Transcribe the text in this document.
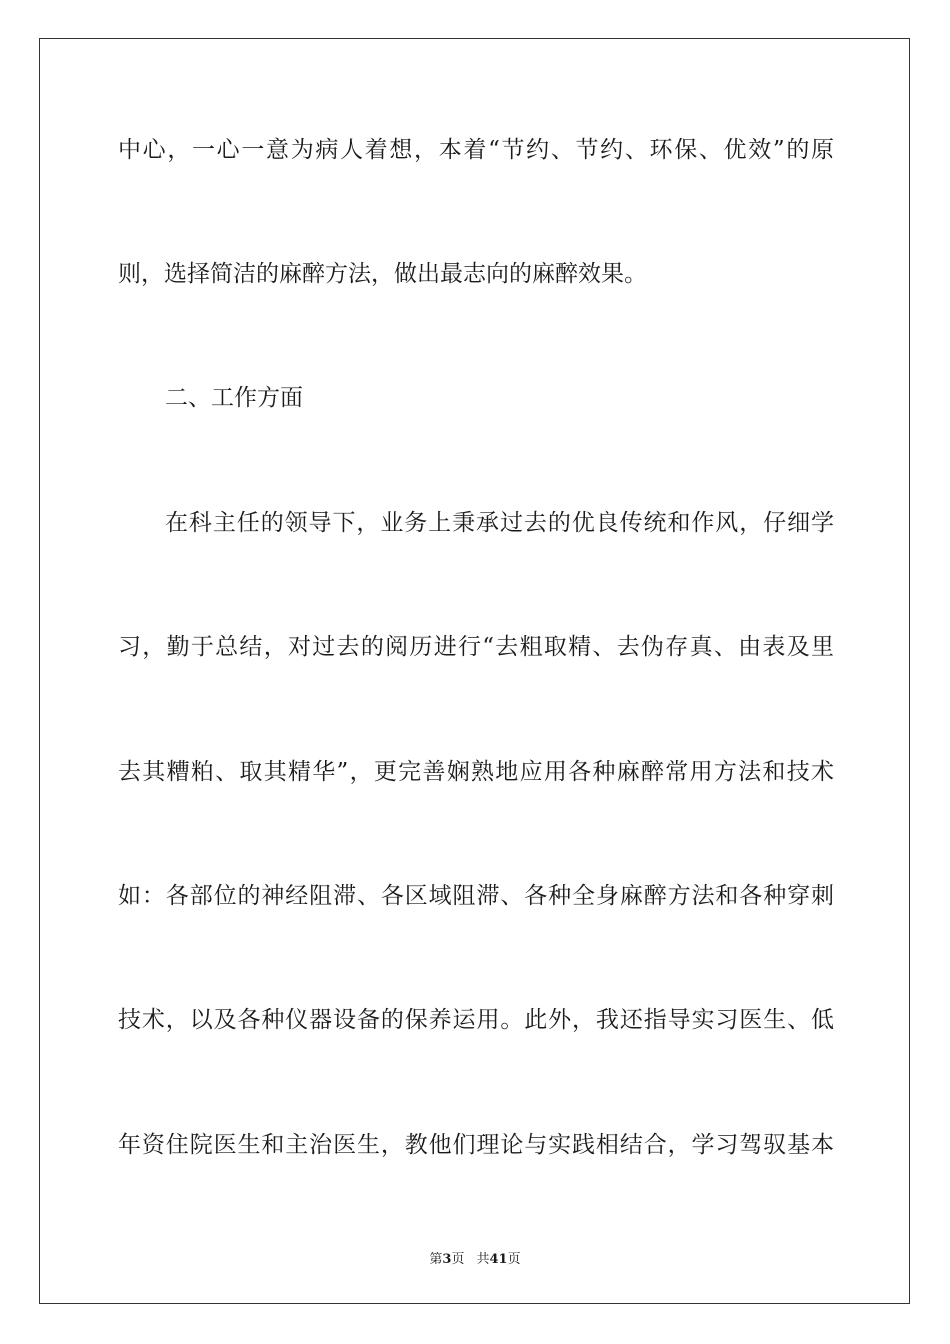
中心，一心一意为病人着想，本着“节约、节约、环保、优效”的原

则，选择简洁的麻醉方法，做出最志向的麻醉效果。

二、工作方面

在科主任的领导下，业务上秉承过去的优良传统和作风，仔细学

习，勤于总结，对过去的阅历进行“去粗取精、去伪存真、由表及里

去其糟粕、取其精华”，更完善娴熟地应用各种麻醉常用方法和技术

如：各部位的神经阻滞、各区域阻滞、各种全身麻醉方法和各种穿刺

技术，以及各种仪器设备的保养运用。此外，我还指导实习医生、低

年资住院医生和主治医生，教他们理论与实践相结合，学习驾驭基本

第3页 共41页
